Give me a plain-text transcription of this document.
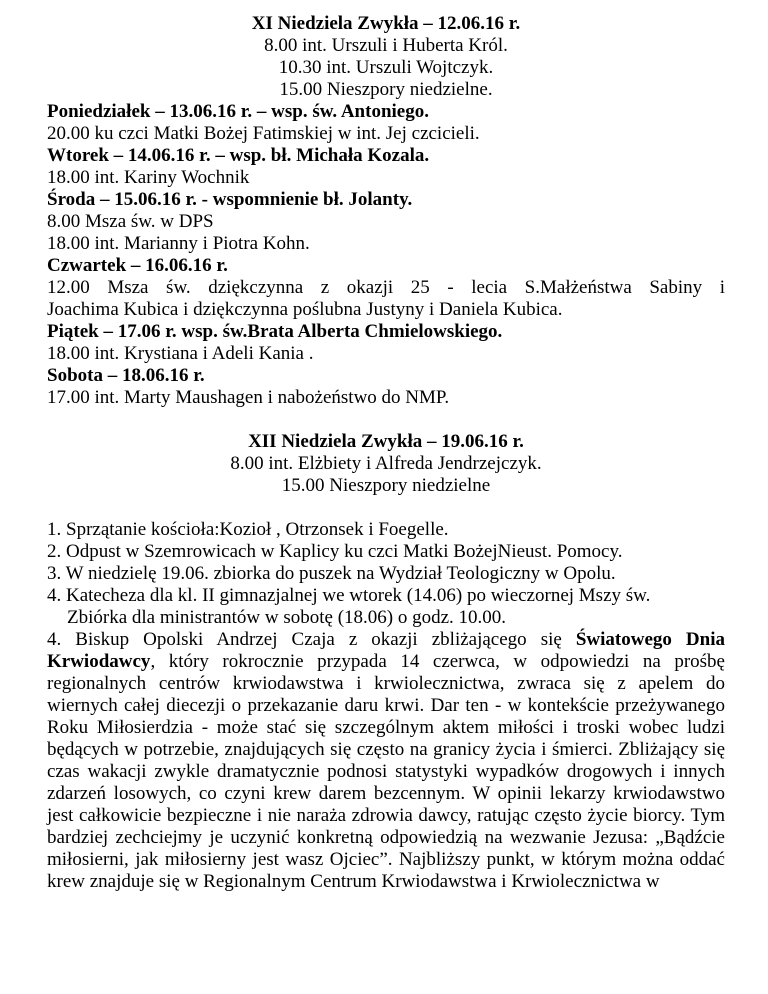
XI Niedziela Zwykła – 12.06.16 r.
8.00 int. Urszuli i Huberta Król.
10.30 int. Urszuli Wojtczyk.
15.00 Nieszpory niedzielne.
Poniedziałek – 13.06.16 r. – wsp. św. Antoniego.
20.00 ku czci Matki Bożej Fatimskiej w int. Jej czcicieli.
Wtorek – 14.06.16 r. – wsp. bł. Michała Kozala.
18.00 int. Kariny Wochnik
Środa – 15.06.16 r. - wspomnienie bł. Jolanty.
8.00 Msza św. w DPS
18.00 int. Marianny i Piotra Kohn.
Czwartek – 16.06.16 r.
12.00 Msza św. dziękczynna z okazji 25 - lecia S.Małżeństwa Sabiny i
Joachima Kubica i dziękczynna poślubna Justyny i Daniela Kubica.
Piątek – 17.06 r. wsp. św.Brata Alberta Chmielowskiego.
18.00 int. Krystiana i Adeli Kania .
Sobota – 18.06.16 r.
17.00 int. Marty Maushagen i nabożeństwo do NMP.
XII Niedziela Zwykła – 19.06.16 r.
8.00 int. Elżbiety i Alfreda Jendrzejczyk.
15.00 Nieszpory niedzielne
1. Sprzątanie kościoła:Kozioł , Otrzonsek i Foegelle.
2. Odpust w Szemrowicach w Kaplicy ku czci Matki BożejNieust. Pomocy.
3. W niedzielę 19.06. zbiorka do puszek na Wydział Teologiczny w Opolu.
4. Katecheza dla kl. II gimnazjalnej we wtorek (14.06) po wieczornej Mszy św.
Zbiórka dla ministrantów w sobotę (18.06) o godz. 10.00.
4. Biskup Opolski Andrzej Czaja z okazji zbliżającego się Światowego Dnia Krwiodawcy, który rokrocznie przypada 14 czerwca, w odpowiedzi na prośbę regionalnych centrów krwiodawstwa i krwiolecznictwa, zwraca się z apelem do wiernych całej diecezji o przekazanie daru krwi. Dar ten - w kontekście przeżywanego Roku Miłosierdzia - może stać się szczególnym aktem miłości i troski wobec ludzi będących w potrzebie, znajdujących się często na granicy życia i śmierci. Zbliżający się czas wakacji zwykle dramatycznie podnosi statystyki wypadków drogowych i innych zdarzeń losowych, co czyni krew darem bezcennym. W opinii lekarzy krwiodawstwo jest całkowicie bezpieczne i nie naraża zdrowia dawcy, ratując często życie biorcy. Tym bardziej zechciejmy je uczynić konkretną odpowiedzią na wezwanie Jezusa: „Bądźcie miłosierni, jak miłosierny jest wasz Ojciec”. Najbliższy punkt, w którym można oddać krew znajduje się w Regionalnym Centrum Krwiodawstwa i Krwiolecznictwa w
